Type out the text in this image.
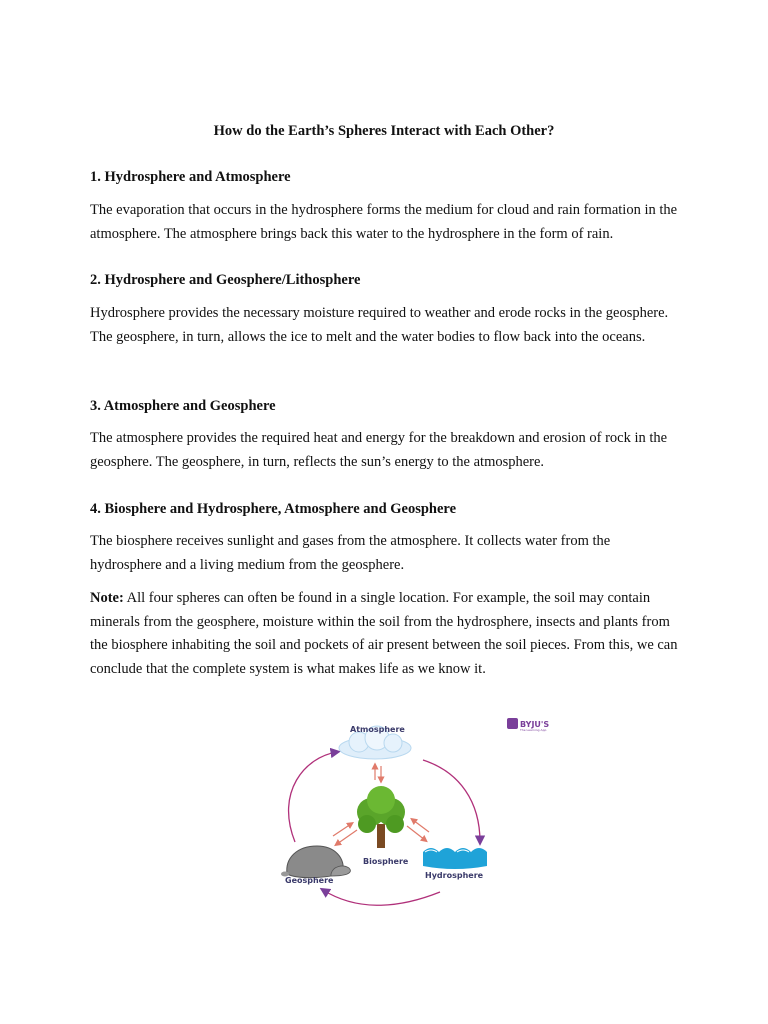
How do the Earth’s Spheres Interact with Each Other?
1. Hydrosphere and Atmosphere
The evaporation that occurs in the hydrosphere forms the medium for cloud and rain formation in the atmosphere. The atmosphere brings back this water to the hydrosphere in the form of rain.
2. Hydrosphere and Geosphere/Lithosphere
Hydrosphere provides the necessary moisture required to weather and erode rocks in the geosphere. The geosphere, in turn, allows the ice to melt and the water bodies to flow back into the oceans.
3. Atmosphere and Geosphere
The atmosphere provides the required heat and energy for the breakdown and erosion of rock in the geosphere. The geosphere, in turn, reflects the sun’s energy to the atmosphere.
4. Biosphere and Hydrosphere, Atmosphere and Geosphere
The biosphere receives sunlight and gases from the atmosphere. It collects water from the hydrosphere and a living medium from the geosphere.
Note: All four spheres can often be found in a single location. For example, the soil may contain minerals from the geosphere, moisture within the soil from the hydrosphere, insects and plants from the biosphere inhabiting the soil and pockets of air present between the soil pieces. From this, we can conclude that the complete system is what makes life as we know it.
Atmosphere
Biosphere
Geosphere
Hydrosphere
BYJU'S
The Learning App
